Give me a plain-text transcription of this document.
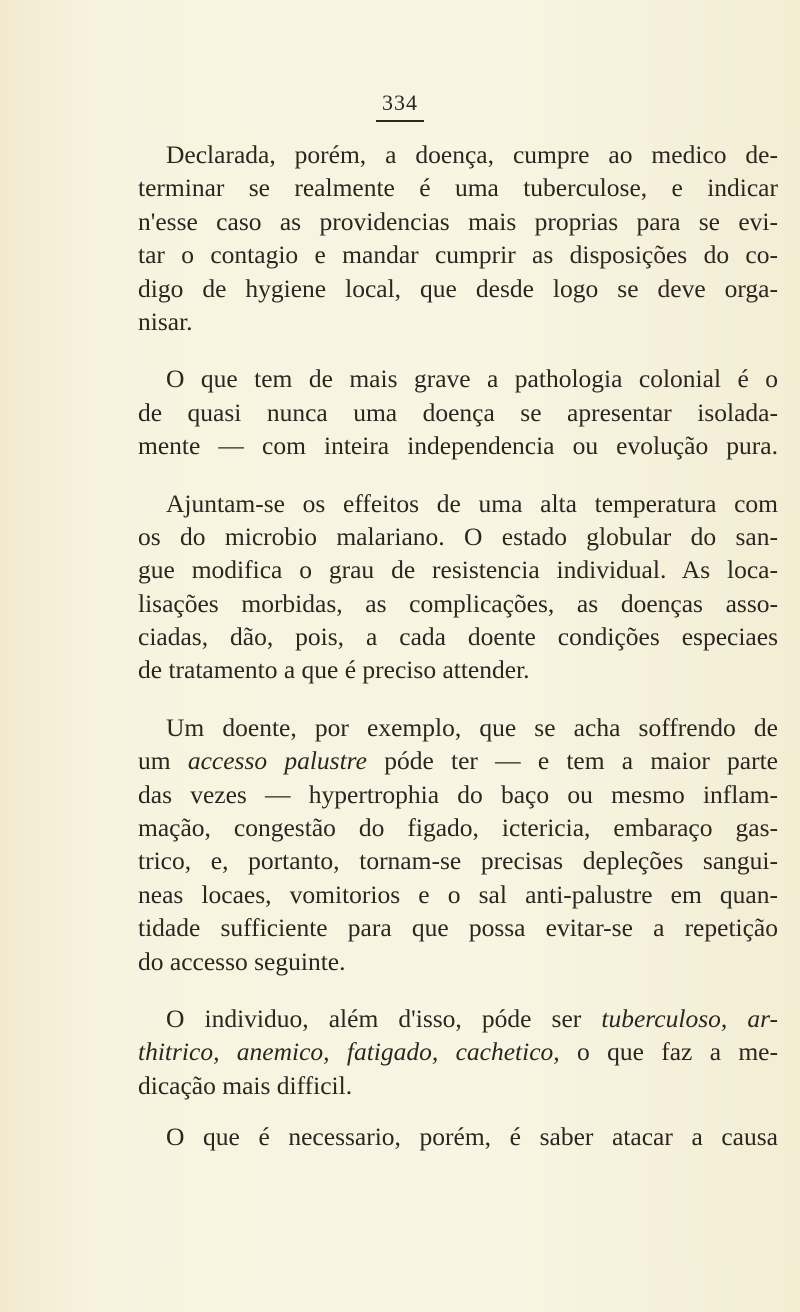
334
Declarada, porém, a doença, cumpre ao medico de-
terminar se realmente é uma tuberculose, e indicar
n'esse caso as providencias mais proprias para se evi-
tar o contagio e mandar cumprir as disposições do co-
digo de hygiene local, que desde logo se deve orga-
nisar.
O que tem de mais grave a pathologia colonial é o
de quasi nunca uma doença se apresentar isolada-
mente — com inteira independencia ou evolução pura.
Ajuntam-se os effeitos de uma alta temperatura com
os do microbio malariano. O estado globular do san-
gue modifica o grau de resistencia individual. As loca-
lisações morbidas, as complicações, as doenças asso-
ciadas, dão, pois, a cada doente condições especiaes
de tratamento a que é preciso attender.
Um doente, por exemplo, que se acha soffrendo de
um accesso palustre póde ter — e tem a maior parte
das vezes — hypertrophia do baço ou mesmo inflam-
mação, congestão do figado, ictericia, embaraço gas-
trico, e, portanto, tornam-se precisas depleções sangui-
neas locaes, vomitorios e o sal anti-palustre em quan-
tidade sufficiente para que possa evitar-se a repetição
do accesso seguinte.
O individuo, além d'isso, póde ser tuberculoso, ar-
thitrico, anemico, fatigado, cachetico, o que faz a me-
dicação mais difficil.
O que é necessario, porém, é saber atacar a causa
